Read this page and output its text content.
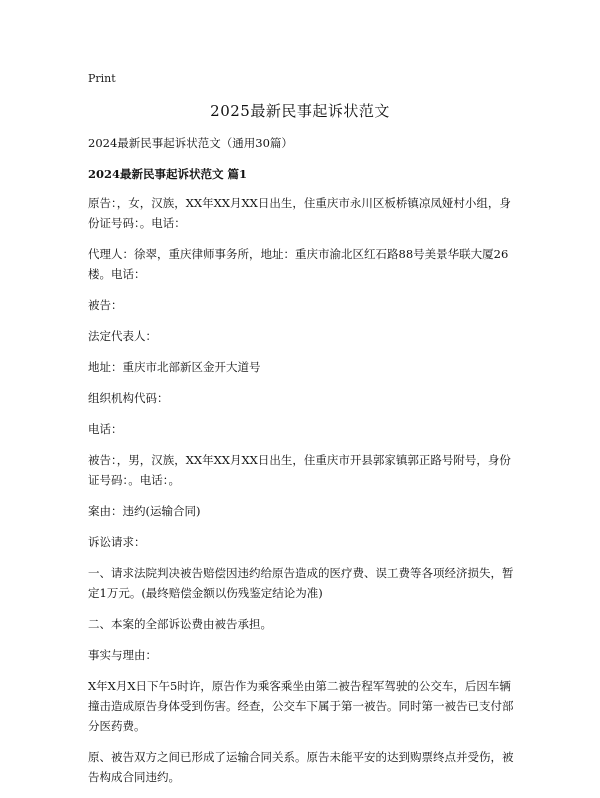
Print
2025最新民事起诉状范文

2024最新民事起诉状范文（通用30篇）

2024最新民事起诉状范文 篇1

原告：，女，汉族，XX年XX月XX日出生，住重庆市永川区板桥镇凉凤娅村小组，身份证号码：。电话：

代理人：徐翠，重庆律师事务所，地址：重庆市渝北区红石路88号美景华联大厦26楼。电话：

被告：

法定代表人：

地址：重庆市北部新区金开大道号

组织机构代码：

电话：

被告：，男，汉族，XX年XX月XX日出生，住重庆市开县郭家镇郭正路号附号，身份证号码：。电话：。

案由：违约(运输合同)

诉讼请求：

一、请求法院判决被告赔偿因违约给原告造成的医疗费、误工费等各项经济损失，暂定1万元。(最终赔偿金额以伤残鉴定结论为准)

二、本案的全部诉讼费由被告承担。

事实与理由：

X年X月X日下午5时许，原告作为乘客乘坐由第二被告程军驾驶的公交车，后因车辆撞击造成原告身体受到伤害。经查，公交车下属于第一被告。同时第一被告已支付部分医药费。

原、被告双方之间已形成了运输合同关系。原告未能平安的达到购票终点并受伤，被告构成合同违约。
